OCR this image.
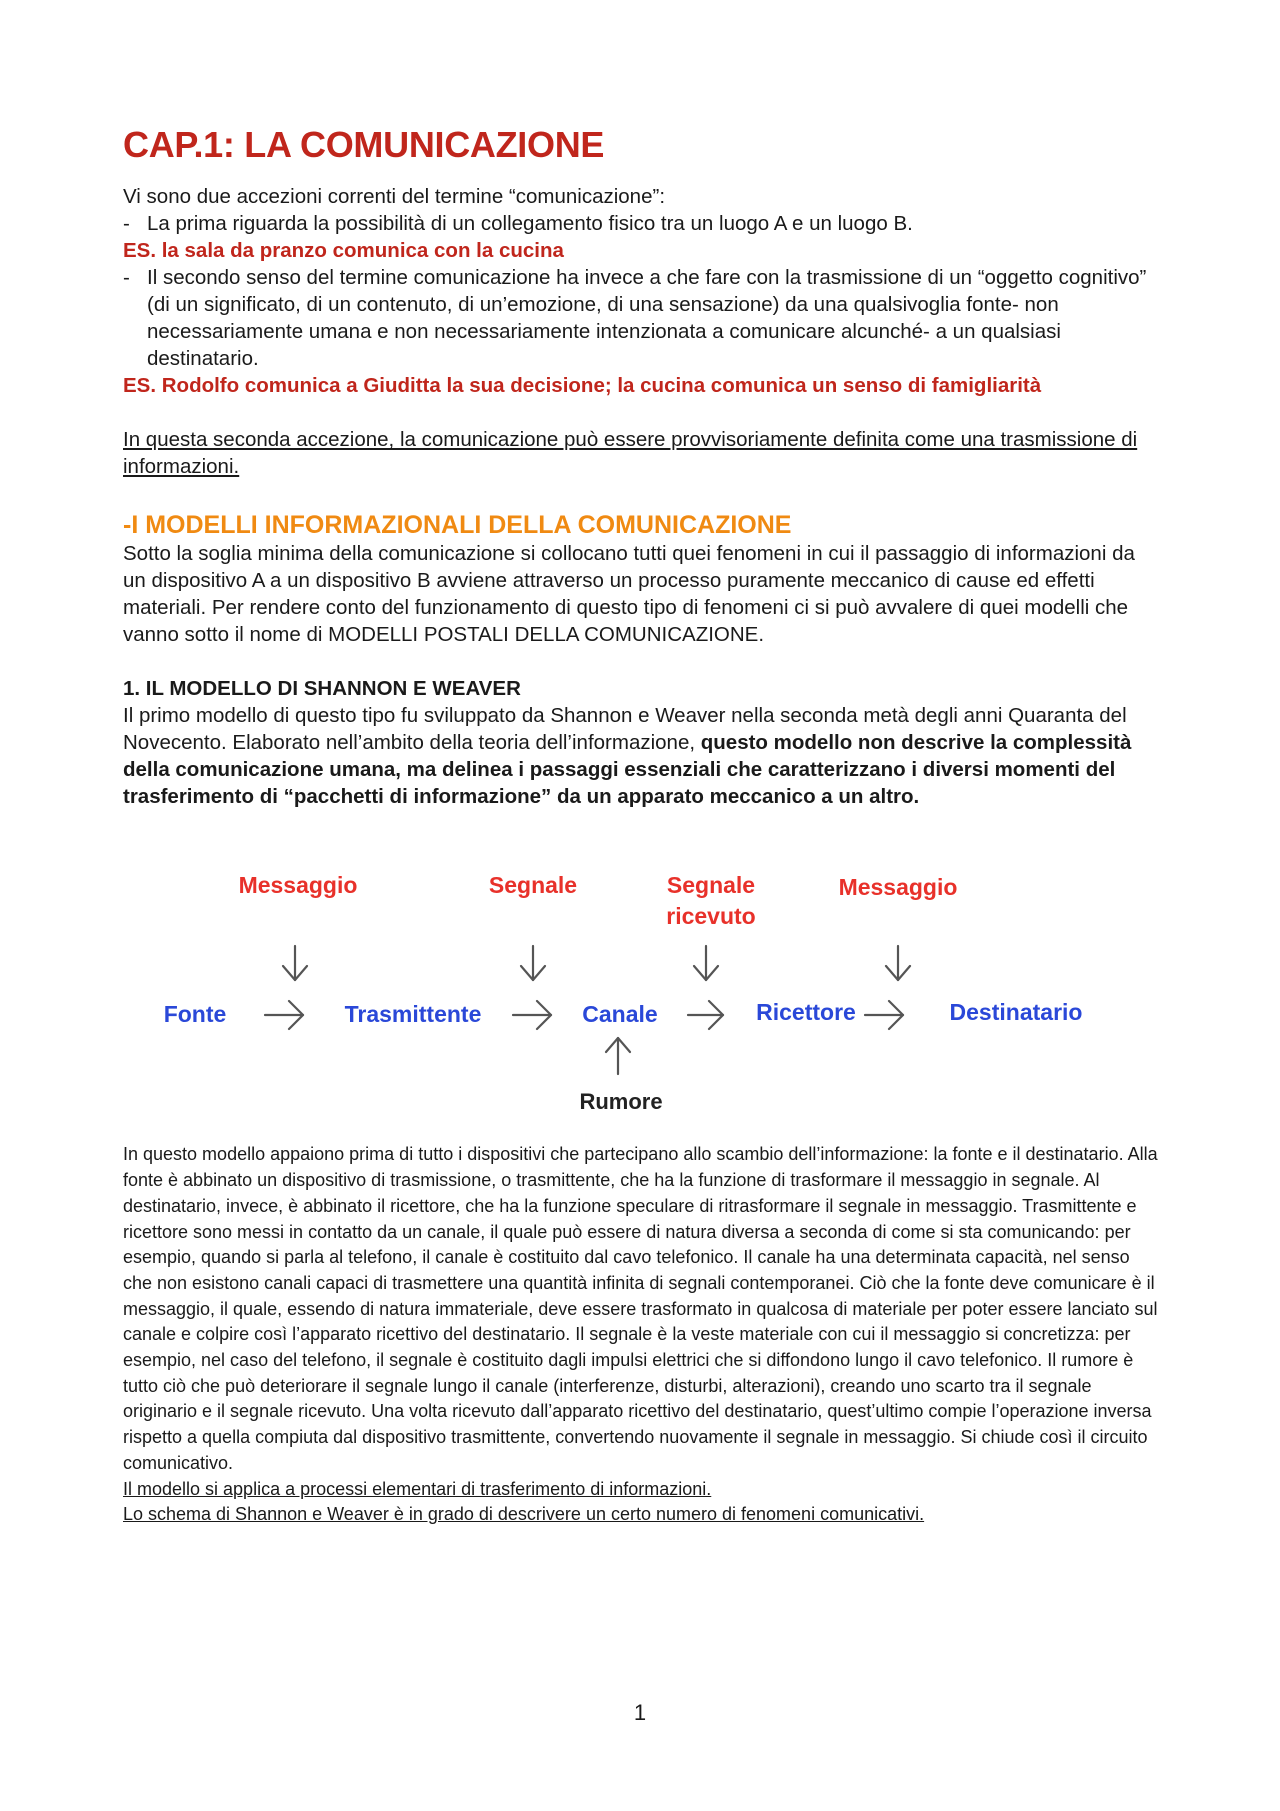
CAP.1: LA COMUNICAZIONE

Vi sono due accezioni correnti del termine “comunicazione”:

- La prima riguarda la possibilità di un collegamento fisico tra un luogo A e un luogo B.

ES. la sala da pranzo comunica con la cucina

- Il secondo senso del termine comunicazione ha invece a che fare con la trasmissione di un “oggetto cognitivo” (di un significato, di un contenuto, di un’emozione, di una sensazione) da una qualsivoglia fonte- non necessariamente umana e non necessariamente intenzionata a comunicare alcunché- a un qualsiasi destinatario.

ES. Rodolfo comunica a Giuditta la sua decisione; la cucina comunica un senso di famigliarità

In questa seconda accezione, la comunicazione può essere provvisoriamente definita come una trasmissione di informazioni.

-I MODELLI INFORMAZIONALI DELLA COMUNICAZIONE

Sotto la soglia minima della comunicazione si collocano tutti quei fenomeni in cui il passaggio di informazioni da un dispositivo A a un dispositivo B avviene attraverso un processo puramente meccanico di cause ed effetti materiali. Per rendere conto del funzionamento di questo tipo di fenomeni ci si può avvalere di quei modelli che vanno sotto il nome di MODELLI POSTALI DELLA COMUNICAZIONE.

1. IL MODELLO DI SHANNON E WEAVER

Il primo modello di questo tipo fu sviluppato da Shannon e Weaver nella seconda metà degli anni Quaranta del Novecento. Elaborato nell’ambito della teoria dell’informazione, questo modello non descrive la complessità della comunicazione umana, ma delinea i passaggi essenziali che caratterizzano i diversi momenti del trasferimento di “pacchetti di informazione” da un apparato meccanico a un altro.

Messaggio	Segnale	Segnale
ricevuto
Messaggio
Fonte	Trasmittente	Canale	Ricettore	Destinatario
Rumore

In questo modello appaiono prima di tutto i dispositivi che partecipano allo scambio dell’informazione: la fonte e il destinatario. Alla fonte è abbinato un dispositivo di trasmissione, o trasmittente, che ha la funzione di trasformare il messaggio in segnale. Al destinatario, invece, è abbinato il ricettore, che ha la funzione speculare di ritrasformare il segnale in messaggio. Trasmittente e ricettore sono messi in contatto da un canale, il quale può essere di natura diversa a seconda di come si sta comunicando: per esempio, quando si parla al telefono, il canale è costituito dal cavo telefonico. Il canale ha una determinata capacità, nel senso che non esistono canali capaci di trasmettere una quantità infinita di segnali contemporanei. Ciò che la fonte deve comunicare è il messaggio, il quale, essendo di natura immateriale, deve essere trasformato in qualcosa di materiale per poter essere lanciato sul canale e colpire così l’apparato ricettivo del destinatario. Il segnale è la veste materiale con cui il messaggio si concretizza: per esempio, nel caso del telefono, il segnale è costituito dagli impulsi elettrici che si diffondono lungo il cavo telefonico. Il rumore è tutto ciò che può deteriorare il segnale lungo il canale (interferenze, disturbi, alterazioni), creando uno scarto tra il segnale originario e il segnale ricevuto. Una volta ricevuto dall’apparato ricettivo del destinatario, quest’ultimo compie l’operazione inversa rispetto a quella compiuta dal dispositivo trasmittente, convertendo nuovamente il segnale in messaggio. Si chiude così il circuito comunicativo.

Il modello si applica a processi elementari di trasferimento di informazioni.

Lo schema di Shannon e Weaver è in grado di descrivere un certo numero di fenomeni comunicativi.

1
